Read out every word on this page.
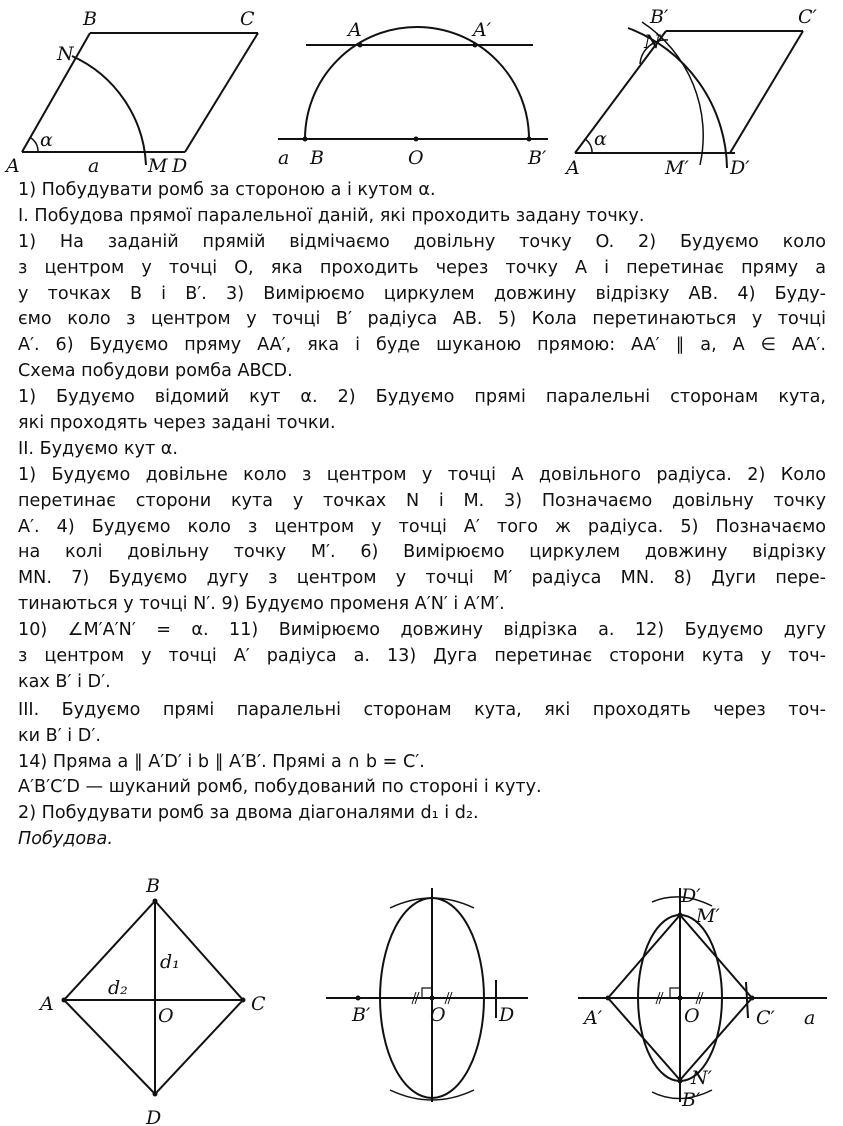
B	C
N
α
A	a	M D
A	A′
a B	O	B′
B′	C′
N
α
A	M′ D′
1) Побудувати ромб за стороною a і кутом α.
І. Побудова прямої паралельної даній, які проходить задану точку.
1) На заданій прямій відмічаємо довільну точку O. 2) Будуємо коло
з центром у точці O, яка проходить через точку A і перетинає пряму a
у точках B і B′. 3) Вимірюємо циркулем довжину відрізку AB. 4) Буду-
ємо коло з центром у точці B′ радіуса AB. 5) Кола перетинаються у точці
A′. 6) Будуємо пряму AA′, яка і буде шуканою прямою: AA′ ∥ a, A ∈ AA′.
Схема побудови ромба ABCD.
1) Будуємо відомий кут α. 2) Будуємо прямі паралельні сторонам кута,
які проходять через задані точки.
ІІ. Будуємо кут α.
1) Будуємо довільне коло з центром у точці A довільного радіуса. 2) Коло
перетинає сторони кута у точках N і M. 3) Позначаємо довільну точку
A′. 4) Будуємо коло з центром у точці A′ того ж радіуса. 5) Позначаємо
на колі довільну точку M′. 6) Вимірюємо циркулем довжину відрізку
MN. 7) Будуємо дугу з центром у точці M′ радіуса MN. 8) Дуги пере-
тинаються у точці N′. 9) Будуємо променя A′N′ і A′M′.
10) ∠M′A′N′ = α. 11) Вимірюємо довжину відрізка a. 12) Будуємо дугу
з центром у точці A′ радіуса a. 13) Дуга перетинає сторони кута у точ-
ках B′ і D′.
ІІІ. Будуємо прямі паралельні сторонам кута, які проходять через точ-
ки B′ і D′.
14) Пряма a ∥ A′D′ і b ∥ A′B′. Прямі a ∩ b = C′.
A′B′C′D — шуканий ромб, побудований по стороні і куту.
2) Побудувати ромб за двома діагоналями d₁ і d₂.
Побудова.
B
d₁
d₂
A
O
C
D
B′	O	D
D′
M′
A′	O	C′ a
N′
B′
